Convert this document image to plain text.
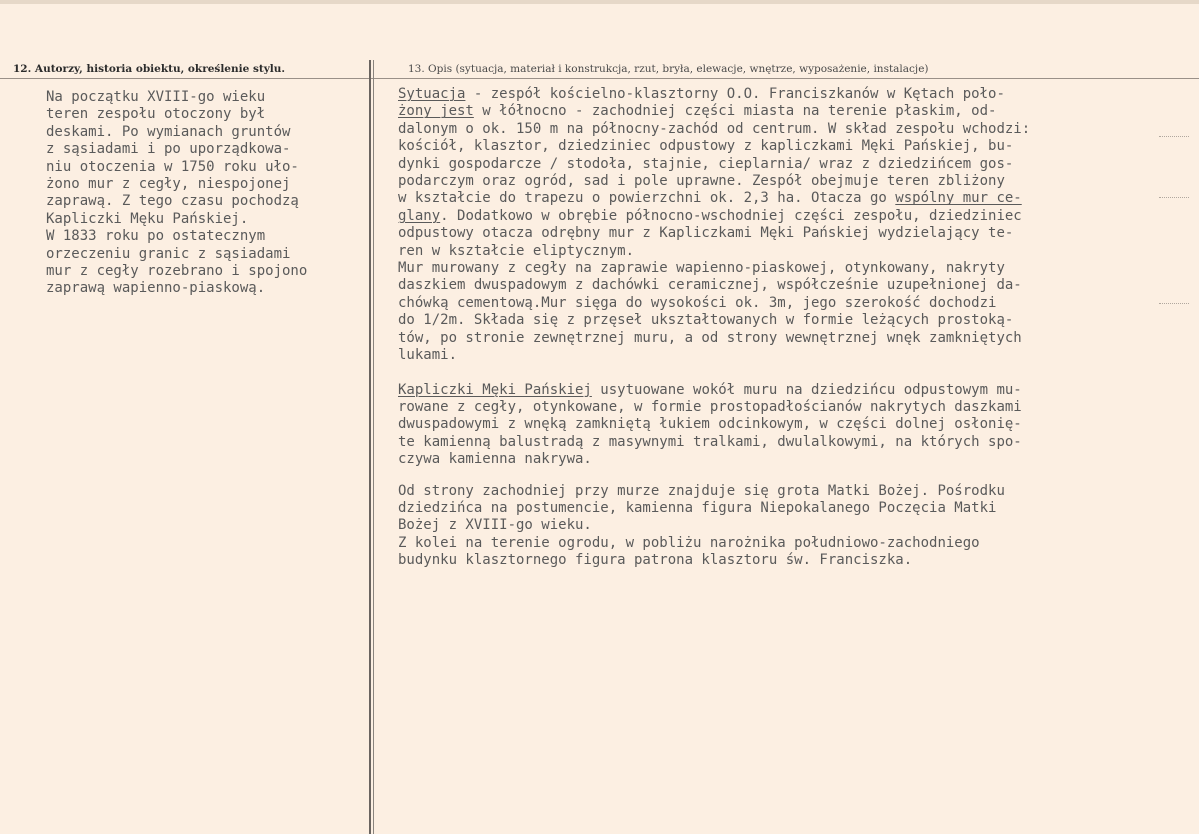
12. Autorzy, historia obiektu, określenie stylu.	13. Opis (sytuacja, materiał i konstrukcja, rzut, bryła, elewacje, wnętrze, wyposażenie, instalacje)
Na początku XVIII-go wieku
teren zespołu otoczony był
deskami. Po wymianach gruntów
z sąsiadami i po uporządkowa-
niu otoczenia w 1750 roku uło-
żono mur z cegły, niespojonej
zaprawą. Z tego czasu pochodzą
Kapliczki Męku Pańskiej.
W 1833 roku po ostatecznym
orzeczeniu granic z sąsiadami
mur z cegły rozebrano i spojono
zaprawą wapienno-piaskową.
Sytuacja - zespół kościelno-klasztorny O.O. Franciszkanów w Kętach poło-
żony jest w łółnocno - zachodniej części miasta na terenie płaskim, od-
dalonym o ok. 150 m na północny-zachód od centrum. W skład zespołu wchodzi:
kościół, klasztor, dziedziniec odpustowy z kapliczkami Męki Pańskiej, bu-
dynki gospodarcze / stodoła, stajnie, cieplarnia/ wraz z dziedzińcem gos-
podarczym oraz ogród, sad i pole uprawne. Zespół obejmuje teren zbliżony
w kształcie do trapezu o powierzchni ok. 2,3 ha. Otacza go wspólny mur ce-
glany. Dodatkowo w obrębie północno-wschodniej części zespołu, dziedziniec
odpustowy otacza odrębny mur z Kapliczkami Męki Pańskiej wydzielający te-
ren w kształcie eliptycznym.
Mur murowany z cegły na zaprawie wapienno-piaskowej, otynkowany, nakryty
daszkiem dwuspadowym z dachówki ceramicznej, współcześnie uzupełnionej da-
chówką cementową.Mur sięga do wysokości ok. 3m, jego szerokość dochodzi
do 1/2m. Składa się z przęseł ukształtowanych w formie leżących prostoką-
tów, po stronie zewnętrznej muru, a od strony wewnętrznej wnęk zamkniętych
lukami.
Kapliczki Męki Pańskiej usytuowane wokół muru na dziedzińcu odpustowym mu-
rowane z cegły, otynkowane, w formie prostopadłościanów nakrytych daszkami
dwuspadowymi z wnęką zamkniętą łukiem odcinkowym, w części dolnej osłonię-
te kamienną balustradą z masywnymi tralkami, dwulalkowymi, na których spo-
czywa kamienna nakrywa.
Od strony zachodniej przy murze znajduje się grota Matki Bożej. Pośrodku
dziedzińca na postumencie, kamienna figura Niepokalanego Poczęcia Matki
Bożej z XVIII-go wieku.
Z kolei na terenie ogrodu, w pobliżu narożnika południowo-zachodniego
budynku klasztornego figura patrona klasztoru św. Franciszka.
